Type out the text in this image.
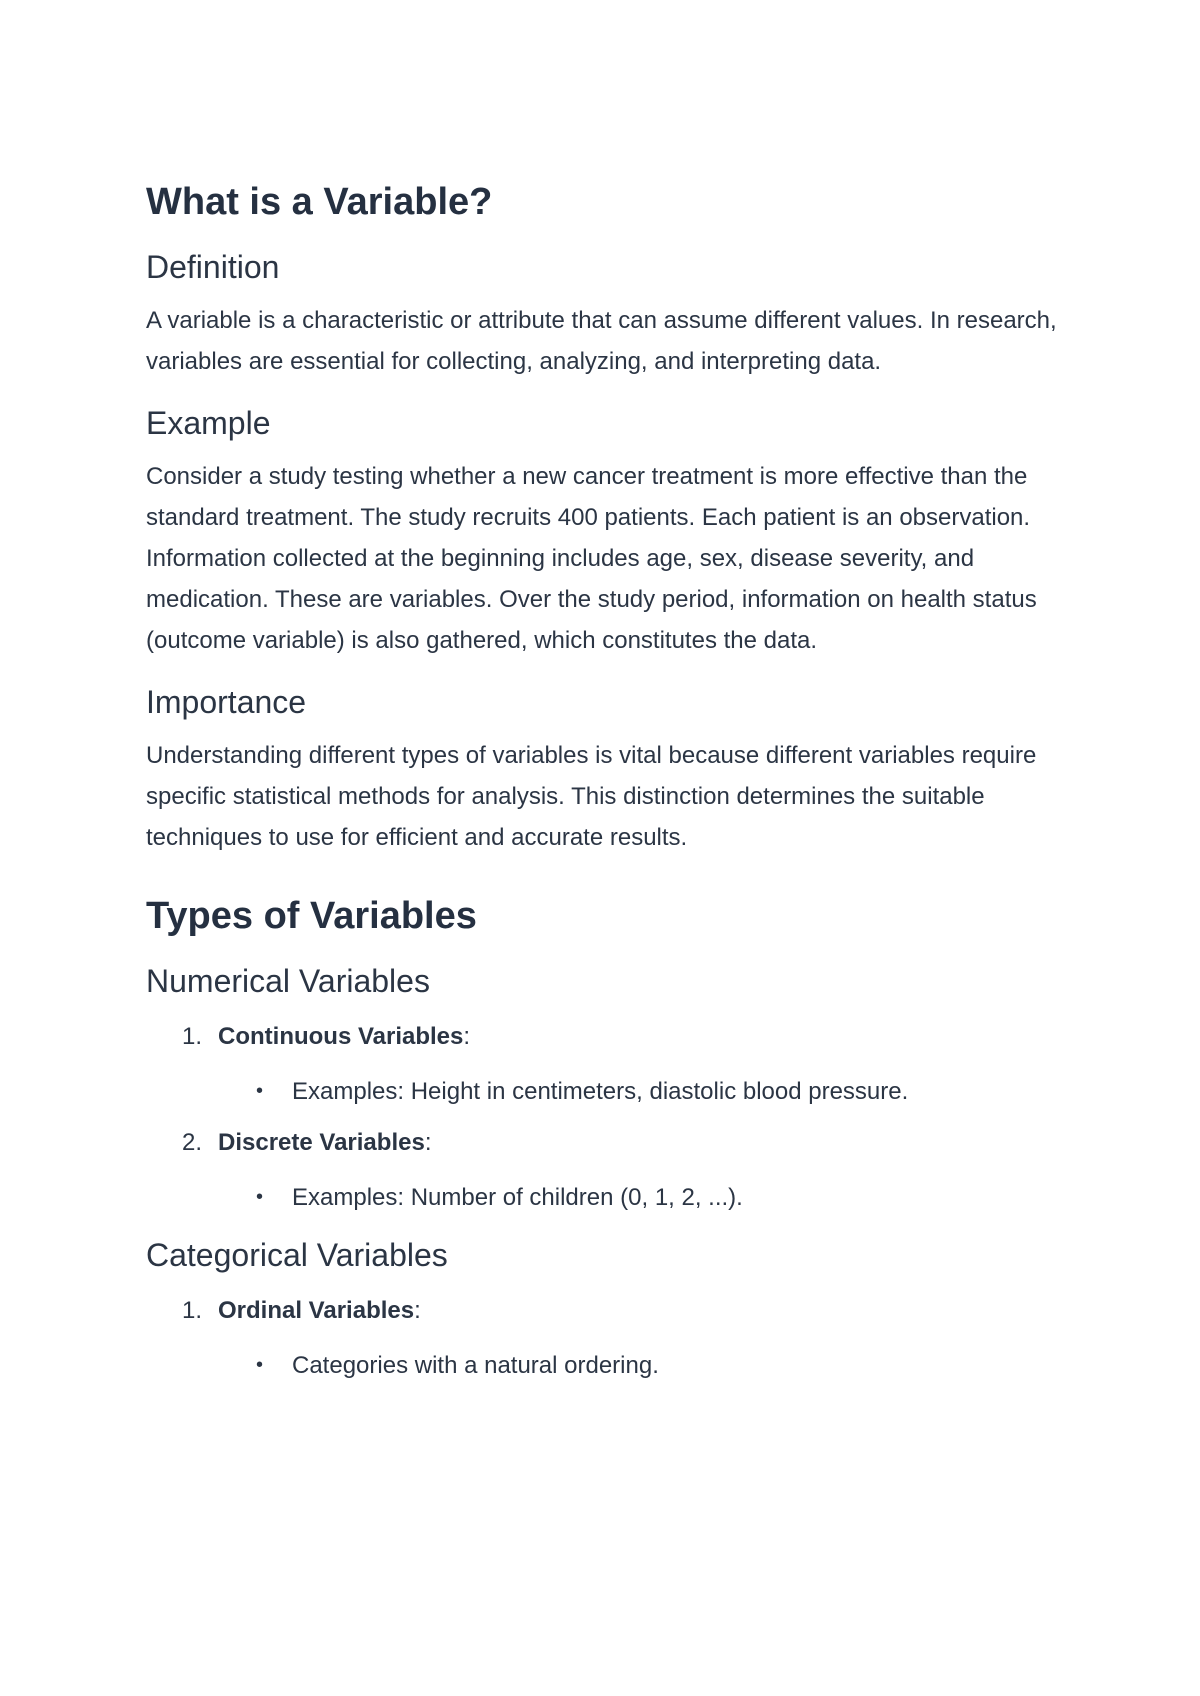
What is a Variable?
Definition

A variable is a characteristic or attribute that can assume different values. In research, variables are essential for collecting, analyzing, and interpreting data.

Example

Consider a study testing whether a new cancer treatment is more effective than the standard treatment. The study recruits 400 patients. Each patient is an observation. Information collected at the beginning includes age, sex, disease severity, and medication. These are variables. Over the study period, information on health status (outcome variable) is also gathered, which constitutes the data.

Importance

Understanding different types of variables is vital because different variables require specific statistical methods for analysis. This distinction determines the suitable techniques to use for efficient and accurate results.

Types of Variables
Numerical Variables
1. Continuous Variables:
• Examples: Height in centimeters, diastolic blood pressure.
2. Discrete Variables:
• Examples: Number of children (0, 1, 2, ...).
Categorical Variables
1. Ordinal Variables:
• Categories with a natural ordering.
